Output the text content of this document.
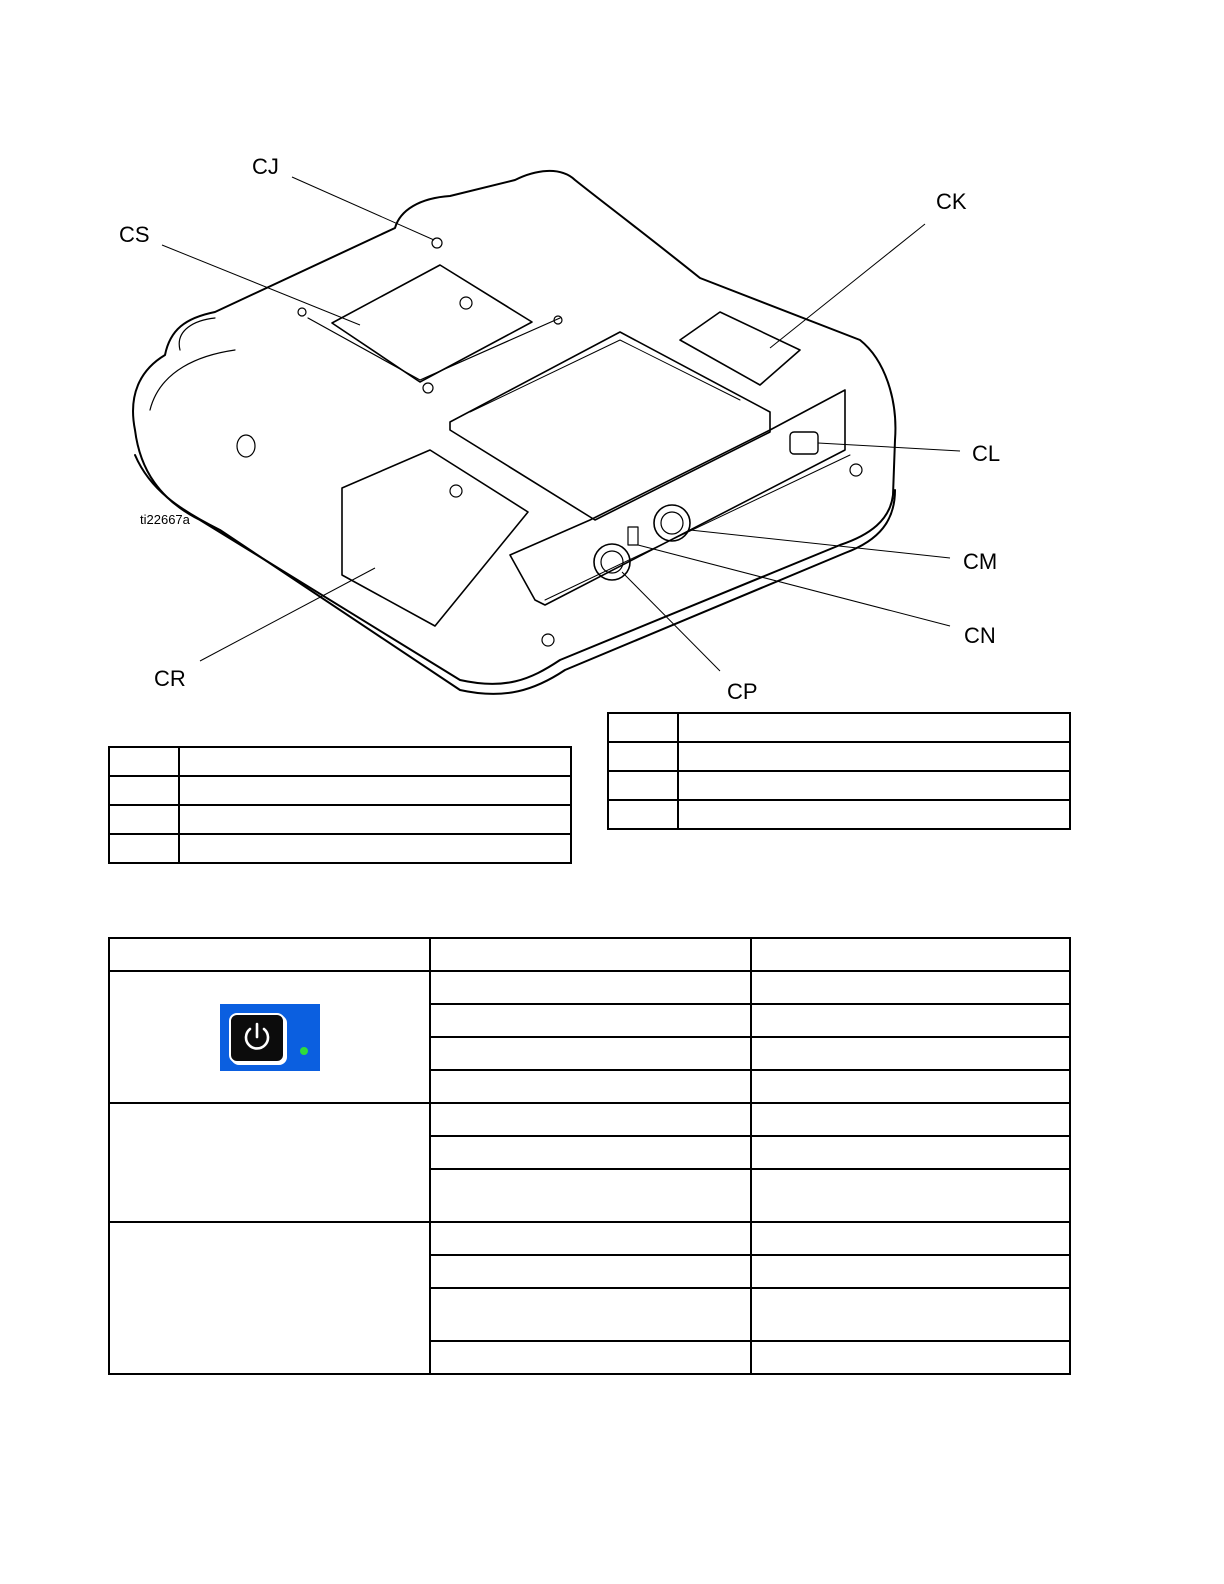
CJ
CS
CK
CL
CM
CN
CP
CR
ti22667a
